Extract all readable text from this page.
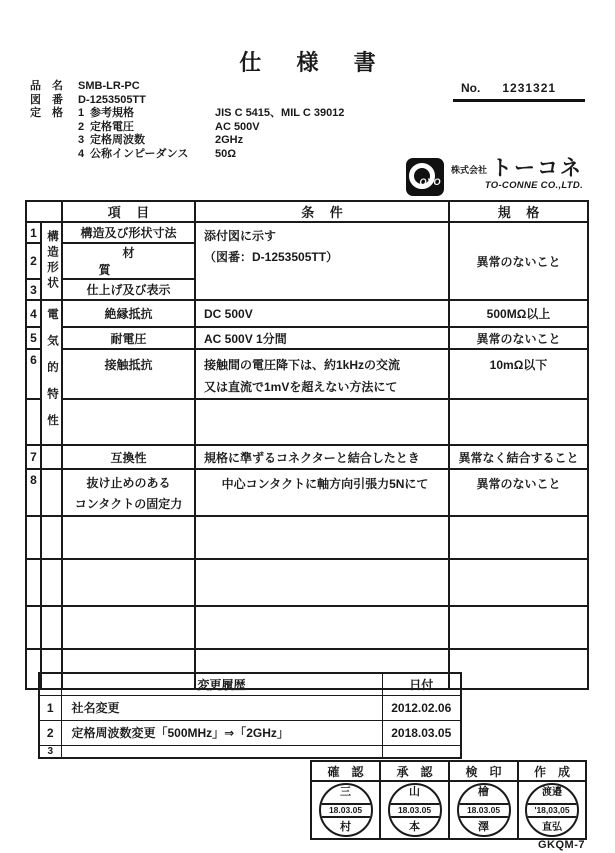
仕様書
No. 1231321
品　名	SMB-LR-PC
図　番	D-1253505TT
定　格	1 参考規格	JIS C 5415、MIL C 39012
2 定格電圧	AC 500V
3 定格周波数	2GHz
4 公称インピーダンス 50Ω
OYO
株式会社 トーコネ
TO-CONNE CO.,LTD.
		項目	条件	規格
1	構造形状	構造及び形状寸法	添付図に示す
（図番：D-1253505TT）	異常のないこと
2		材質		
3		仕上げ及び表示		
4	電気的特性	絶縁抵抗	DC 500V	500MΩ以上
5		耐電圧	AC 500V 1分間	異常のないこと
6		接触抵抗	接触間の電圧降下は、約1kHzの交流
又は直流で1mVを超えない方法にて	10mΩ以下

7		互換性	規格に準ずるコネクターと結合したとき	異常なく結合すること
8		抜け止めのある
コンタクトの固定力	中心コンタクトに軸方向引張力5Nにて	異常のないこと

	変更履歴	日付
1	社名変更	2012.02.06
2	定格周波数変更「500MHz」⇒「2GHz」	2018.03.05
3		
確　認	承　認	検　印	作　成

三
18.03.05
村

山
18.03.05
本

檜
18.03.05
澤

渡邉
'18,03,05
直弘
GKQM-7
